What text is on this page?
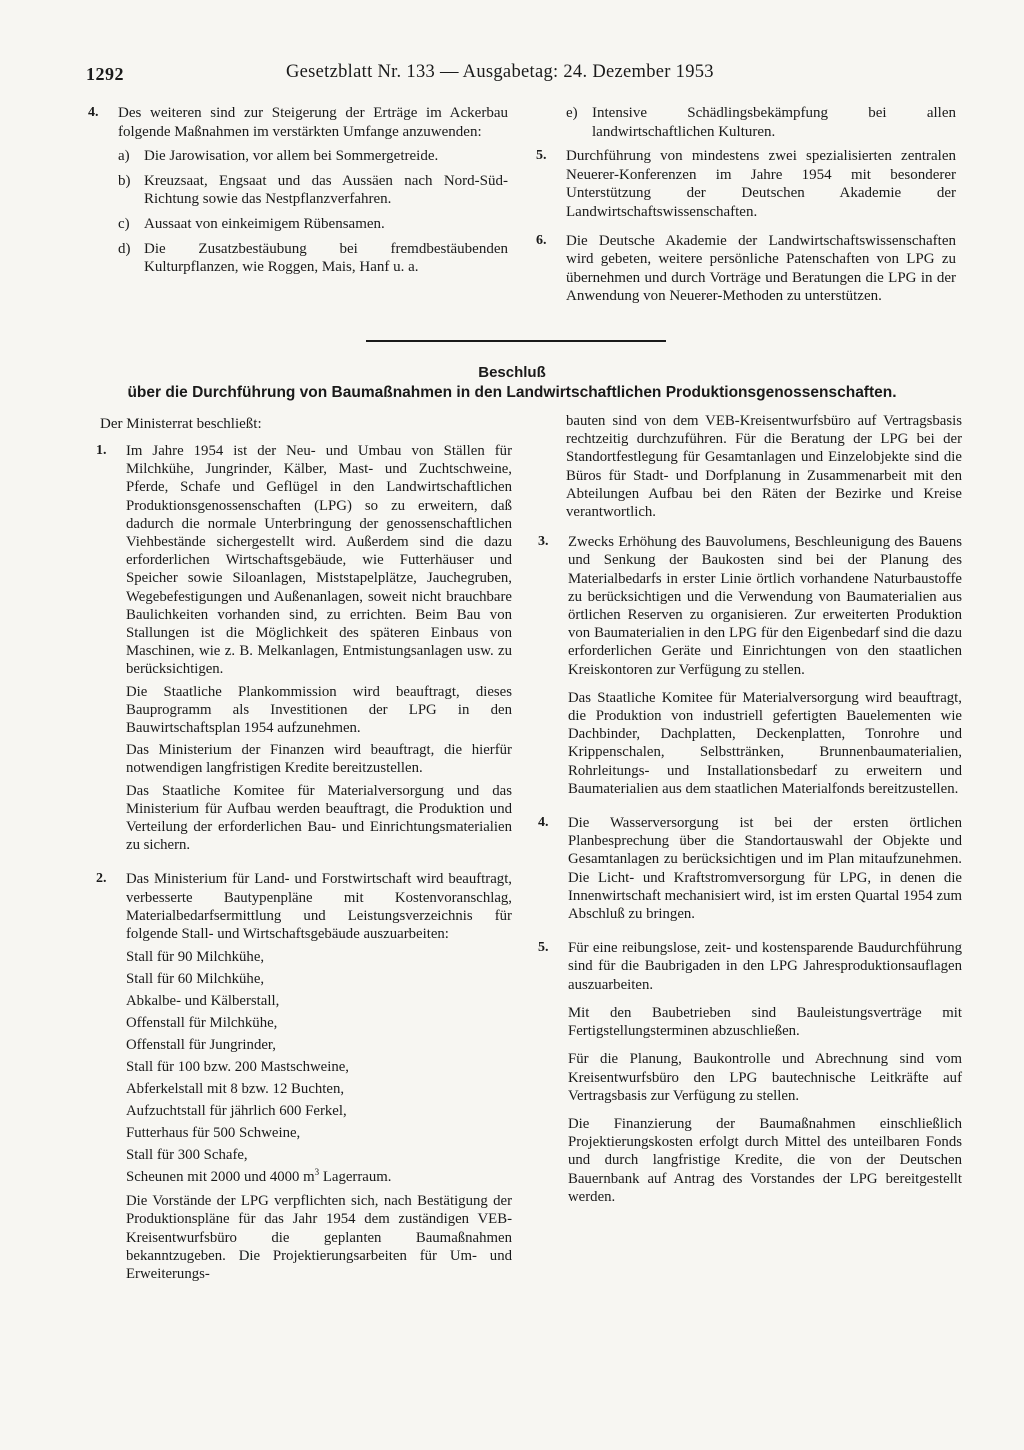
1292	Gesetzblatt Nr. 133 — Ausgabetag: 24. Dezember 1953
4. Des weiteren sind zur Steigerung der Erträge im Ackerbau folgende Maßnahmen im verstärkten Umfange anzuwenden:
a) Die Jarowisation, vor allem bei Sommergetreide.
b) Kreuzsaat, Engsaat und das Aussäen nach Nord-Süd-Richtung sowie das Nestpflanzverfahren.
c) Aussaat von einkeimigem Rübensamen.
d) Die Zusatzbestäubung bei fremdbestäubenden Kulturpflanzen, wie Roggen, Mais, Hanf u. a.
e) Intensive Schädlingsbekämpfung bei allen landwirtschaftlichen Kulturen.
5. Durchführung von mindestens zwei spezialisierten zentralen Neuerer-Konferenzen im Jahre 1954 mit besonderer Unterstützung der Deutschen Akademie der Landwirtschaftswissenschaften.
6. Die Deutsche Akademie der Landwirtschaftswissenschaften wird gebeten, weitere persönliche Patenschaften von LPG zu übernehmen und durch Vorträge und Beratungen die LPG in der Anwendung von Neuerer-Methoden zu unterstützen.
Beschluß
über die Durchführung von Baumaßnahmen in den Landwirtschaftlichen Produktionsgenossenschaften.
Der Ministerrat beschließt:
1. Im Jahre 1954 ist der Neu- und Umbau von Ställen für Milchkühe, Jungrinder, Kälber, Mast- und Zuchtschweine, Pferde, Schafe und Geflügel in den Landwirtschaftlichen Produktionsgenossenschaften (LPG) so zu erweitern, daß dadurch die normale Unterbringung der genossenschaftlichen Viehbestände sichergestellt wird. Außerdem sind die dazu erforderlichen Wirtschaftsgebäude, wie Futterhäuser und Speicher sowie Siloanlagen, Miststapelplätze, Jauchegruben, Wegebefestigungen und Außenanlagen, soweit nicht brauchbare Baulichkeiten vorhanden sind, zu errichten. Beim Bau von Stallungen ist die Möglichkeit des späteren Einbaus von Maschinen, wie z. B. Melkanlagen, Entmistungsanlagen usw. zu berücksichtigen.
Die Staatliche Plankommission wird beauftragt, dieses Bauprogramm als Investitionen der LPG in den Bauwirtschaftsplan 1954 aufzunehmen.
Das Ministerium der Finanzen wird beauftragt, die hierfür notwendigen langfristigen Kredite bereitzustellen.
Das Staatliche Komitee für Materialversorgung und das Ministerium für Aufbau werden beauftragt, die Produktion und Verteilung der erforderlichen Bau- und Einrichtungsmaterialien zu sichern.
2. Das Ministerium für Land- und Forstwirtschaft wird beauftragt, verbesserte Bautypenpläne mit Kostenvoranschlag, Materialbedarfsermittlung und Leistungsverzeichnis für folgende Stall- und Wirtschaftsgebäude auszuarbeiten:
Stall für 90 Milchkühe,
Stall für 60 Milchkühe,
Abkalbe- und Kälberstall,
Offenstall für Milchkühe,
Offenstall für Jungrinder,
Stall für 100 bzw. 200 Mastschweine,
Abferkelstall mit 8 bzw. 12 Buchten,
Aufzuchtstall für jährlich 600 Ferkel,
Futterhaus für 500 Schweine,
Stall für 300 Schafe,
Scheunen mit 2000 und 4000 $m^3$ Lagerraum.
Die Vorstände der LPG verpflichten sich, nach Bestätigung der Produktionspläne für das Jahr 1954 dem zuständigen VEB-Kreisentwurfsbüro die geplanten Baumaßnahmen bekanntzugeben. Die Projektierungsarbeiten für Um- und Erweiterungs-
bauten sind von dem VEB-Kreisentwurfsbüro auf Vertragsbasis rechtzeitig durchzuführen. Für die Beratung der LPG bei der Standortfestlegung für Gesamtanlagen und Einzelobjekte sind die Büros für Stadt- und Dorfplanung in Zusammenarbeit mit den Abteilungen Aufbau bei den Räten der Bezirke und Kreise verantwortlich.
3. Zwecks Erhöhung des Bauvolumens, Beschleunigung des Bauens und Senkung der Baukosten sind bei der Planung des Materialbedarfs in erster Linie örtlich vorhandene Naturbaustoffe zu berücksichtigen und die Verwendung von Baumaterialien aus örtlichen Reserven zu organisieren. Zur erweiterten Produktion von Baumaterialien in den LPG für den Eigenbedarf sind die dazu erforderlichen Geräte und Einrichtungen von den staatlichen Kreiskontoren zur Verfügung zu stellen.
Das Staatliche Komitee für Materialversorgung wird beauftragt, die Produktion von industriell gefertigten Bauelementen wie Dachbinder, Dachplatten, Deckenplatten, Tonrohre und Krippenschalen, Selbsttränken, Brunnenbaumaterialien, Rohrleitungs- und Installationsbedarf zu erweitern und Baumaterialien aus dem staatlichen Materialfonds bereitzustellen.
4. Die Wasserversorgung ist bei der ersten örtlichen Planbesprechung über die Standortauswahl der Objekte und Gesamtanlagen zu berücksichtigen und im Plan mitaufzunehmen. Die Licht- und Kraftstromversorgung für LPG, in denen die Innenwirtschaft mechanisiert wird, ist im ersten Quartal 1954 zum Abschluß zu bringen.
5. Für eine reibungslose, zeit- und kostensparende Baudurchführung sind für die Baubrigaden in den LPG Jahresproduktionsauflagen auszuarbeiten.
Mit den Baubetrieben sind Bauleistungsverträge mit Fertigstellungsterminen abzuschließen.
Für die Planung, Baukontrolle und Abrechnung sind vom Kreisentwurfsbüro den LPG bautechnische Leitkräfte auf Vertragsbasis zur Verfügung zu stellen.
Die Finanzierung der Baumaßnahmen einschließlich Projektierungskosten erfolgt durch Mittel des unteilbaren Fonds und durch langfristige Kredite, die von der Deutschen Bauernbank auf Antrag des Vorstandes der LPG bereitgestellt werden.
